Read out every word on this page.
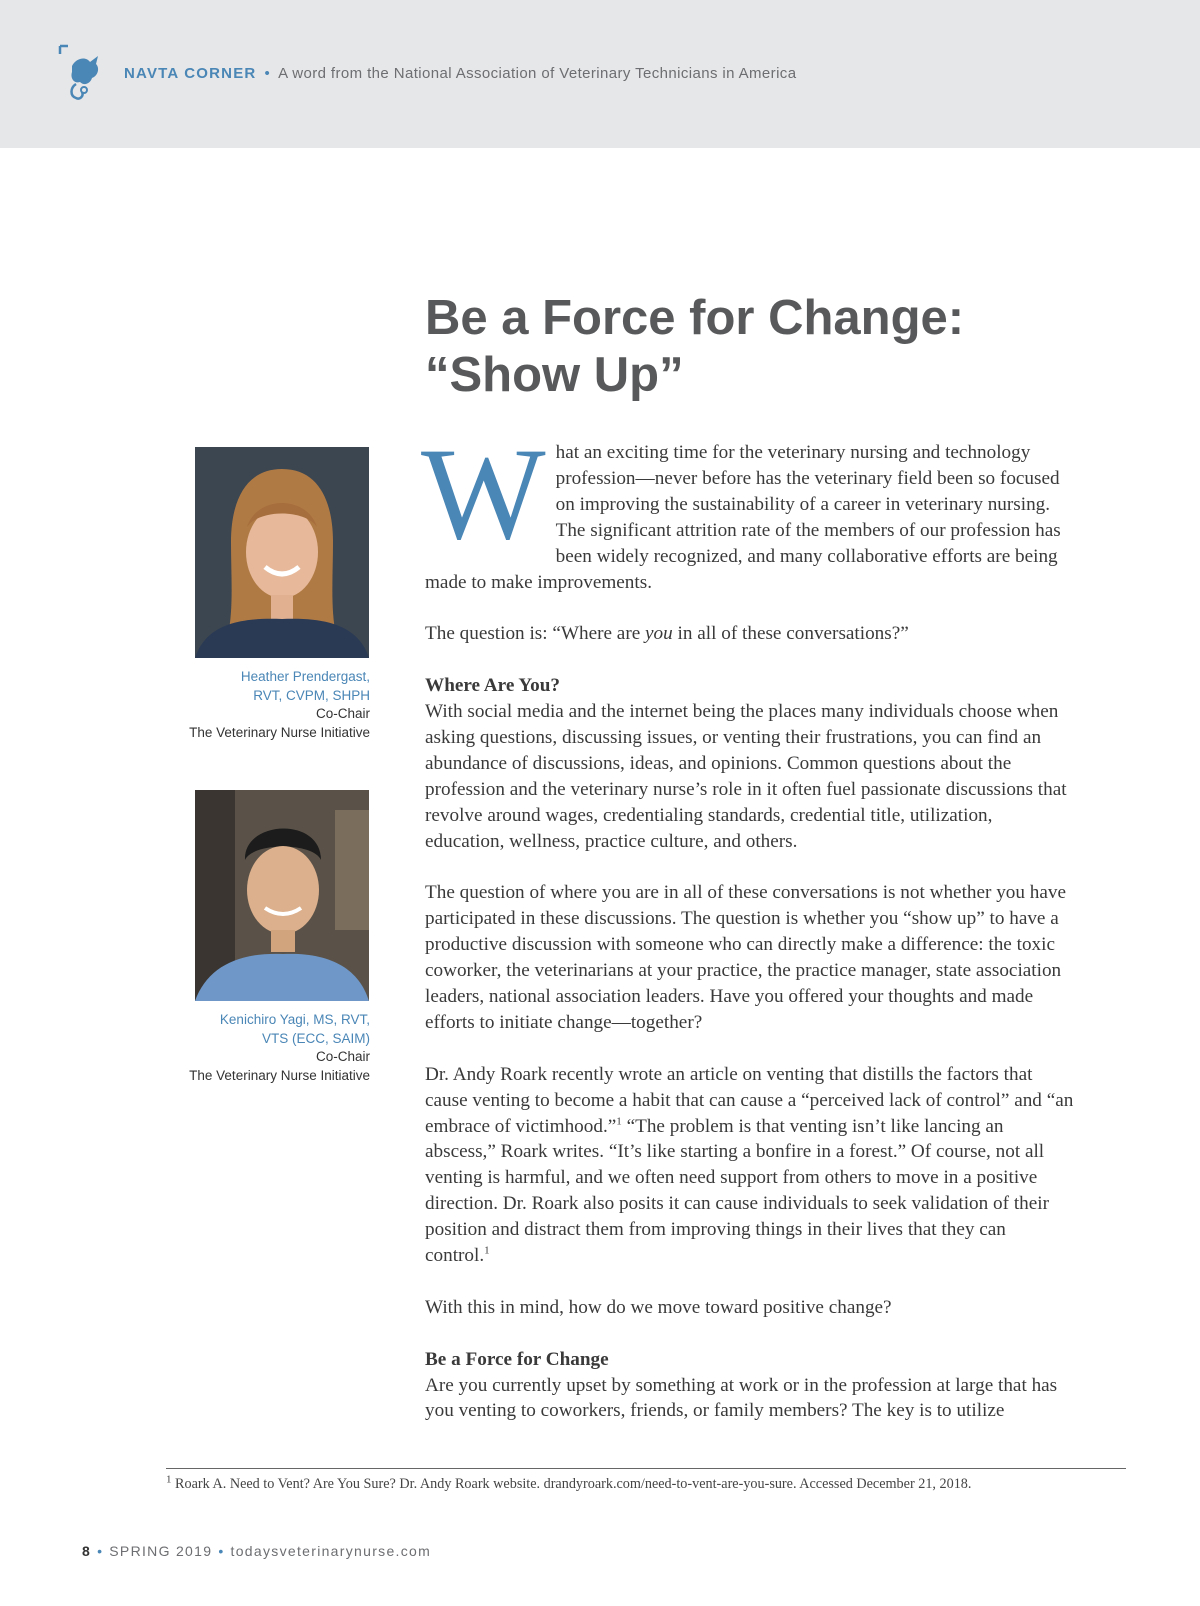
NAVTA CORNER • A word from the National Association of Veterinary Technicians in America
Be a Force for Change:
“Show Up”
Heather Prendergast,
RVT, CVPM, SHPH
Co-Chair
The Veterinary Nurse Initiative
Kenichiro Yagi, MS, RVT,
VTS (ECC, SAIM)
Co-Chair
The Veterinary Nurse Initiative

What an exciting time for the veterinary nursing and technology profession—never before has the veterinary field been so focused on improving the sustainability of a career in veterinary nursing. The significant attrition rate of the members of our profession has been widely recognized, and many collaborative efforts are being made to make improvements.

The question is: “Where are you in all of these conversations?”

Where Are You?

With social media and the internet being the places many individuals choose when asking questions, discussing issues, or venting their frustrations, you can find an abundance of discussions, ideas, and opinions. Common questions about the profession and the veterinary nurse’s role in it often fuel passionate discussions that revolve around wages, credentialing standards, credential title, utilization, education, wellness, practice culture, and others.

The question of where you are in all of these conversations is not whether you have participated in these discussions. The question is whether you “show up” to have a productive discussion with someone who can directly make a difference: the toxic coworker, the veterinarians at your practice, the practice manager, state association leaders, national association leaders. Have you offered your thoughts and made efforts to initiate change—together?

Dr. Andy Roark recently wrote an article on venting that distills the factors that cause venting to become a habit that can cause a “perceived lack of control” and “an embrace of victimhood.”$^1$ “The problem is that venting isn’t like lancing an abscess,” Roark writes. “It’s like starting a bonfire in a forest.” Of course, not all venting is harmful, and we often need support from others to move in a positive direction. Dr. Roark also posits it can cause individuals to seek validation of their position and distract them from improving things in their lives that they can control.$^1$

With this in mind, how do we move toward positive change?

Be a Force for Change

Are you currently upset by something at work or in the profession at large that has you venting to coworkers, friends, or family members? The key is to utilize

$^1$ Roark A. Need to Vent? Are You Sure? Dr. Andy Roark website. drandyroark.com/need-to-vent-are-you-sure. Accessed December 21, 2018.
8 • SPRING 2019 • todaysveterinarynurse.com
